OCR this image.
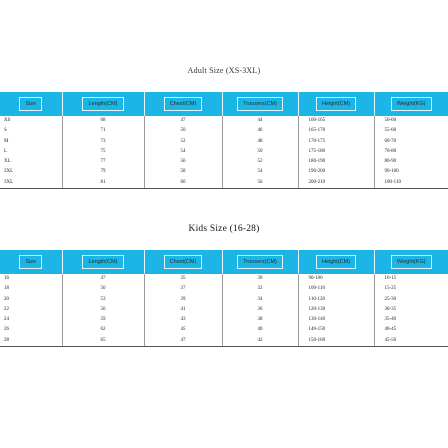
Adult Size (XS-3XL)
Size	Length(CM)	Chest(CM)	Trousers(CM)	Height(CM)	Weight(KG)
XS	68	47	44	160-165	50-60
S	71	50	46	165-170	55-60
M	73	52	48	170-175	60-70
L	75	54	50	175-180	70-80
XL	77	56	52	180-190	80-90
2XL	79	58	54	190-200	90-100
3XL	81	60	56	200-210	100-110
Kids Size (16-28)
Size	Length(CM)	Chest(CM)	Trousers(CM)	Height(CM)	Weight(KG)
16	47	35	30	90-100	10-15
18	50	37	32	100-110	15-25
20	53	39	34	110-120	25-30
22	56	41	36	120-130	30-35
24	59	43	38	130-140	35-40
26	62	45	40	140-150	40-45
28	65	47	42	150-160	45-50
